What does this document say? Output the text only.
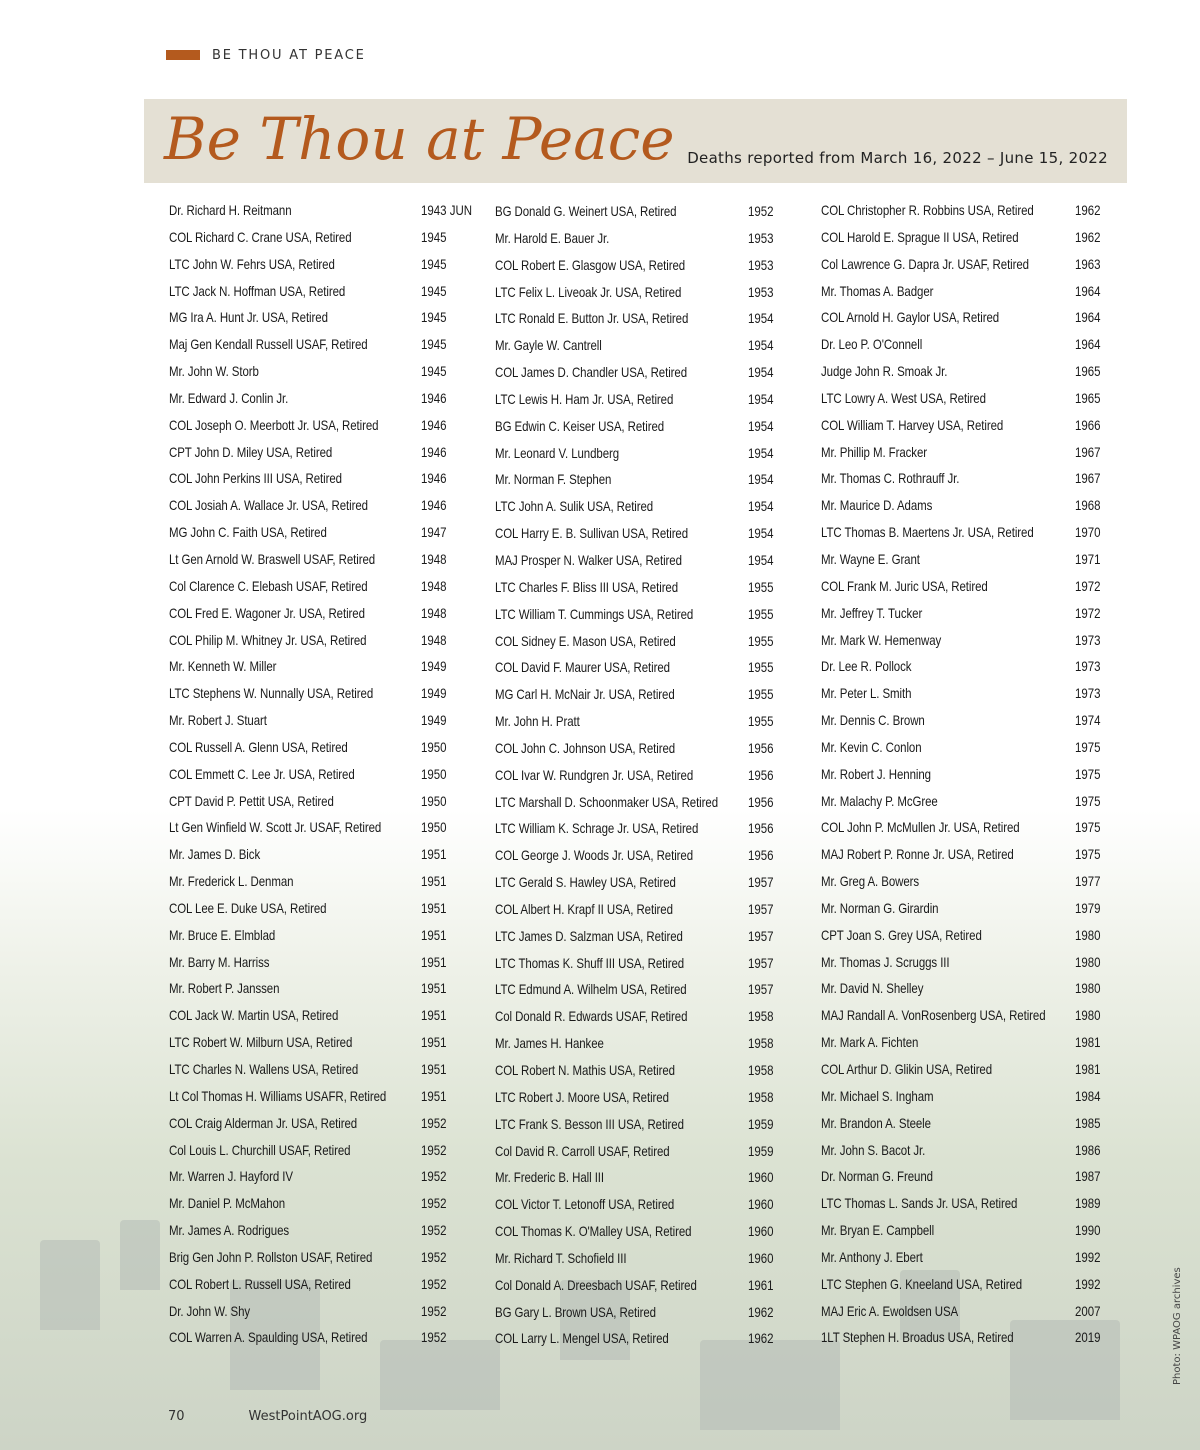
BE THOU AT PEACE
Be Thou at Peace Deaths reported from March 16, 2022 – June 15, 2022
Dr. Richard H. Reitmann	1943 JUN
COL Richard C. Crane USA, Retired	1945
LTC John W. Fehrs USA, Retired	1945
LTC Jack N. Hoffman USA, Retired	1945
MG Ira A. Hunt Jr. USA, Retired	1945
Maj Gen Kendall Russell USAF, Retired	1945
Mr. John W. Storb	1945
Mr. Edward J. Conlin Jr.	1946
COL Joseph O. Meerbott Jr. USA, Retired	1946
CPT John D. Miley USA, Retired	1946
COL John Perkins III USA, Retired	1946
COL Josiah A. Wallace Jr. USA, Retired	1946
MG John C. Faith USA, Retired	1947
Lt Gen Arnold W. Braswell USAF, Retired	1948
Col Clarence C. Elebash USAF, Retired	1948
COL Fred E. Wagoner Jr. USA, Retired	1948
COL Philip M. Whitney Jr. USA, Retired	1948
Mr. Kenneth W. Miller	1949
LTC Stephens W. Nunnally USA, Retired	1949
Mr. Robert J. Stuart	1949
COL Russell A. Glenn USA, Retired	1950
COL Emmett C. Lee Jr. USA, Retired	1950
CPT David P. Pettit USA, Retired	1950
Lt Gen Winfield W. Scott Jr. USAF, Retired	1950
Mr. James D. Bick	1951
Mr. Frederick L. Denman	1951
COL Lee E. Duke USA, Retired	1951
Mr. Bruce E. Elmblad	1951
Mr. Barry M. Harriss	1951
Mr. Robert P. Janssen	1951
COL Jack W. Martin USA, Retired	1951
LTC Robert W. Milburn USA, Retired	1951
LTC Charles N. Wallens USA, Retired	1951
Lt Col Thomas H. Williams USAFR, Retired 1951
COL Craig Alderman Jr. USA, Retired	1952
Col Louis L. Churchill USAF, Retired	1952
Mr. Warren J. Hayford IV	1952
Mr. Daniel P. McMahon	1952
Mr. James A. Rodrigues	1952
Brig Gen John P. Rollston USAF, Retired	1952
COL Robert L. Russell USA, Retired	1952
Dr. John W. Shy	1952
COL Warren A. Spaulding USA, Retired	1952
BG Donald G. Weinert USA, Retired	1952
Mr. Harold E. Bauer Jr.	1953
COL Robert E. Glasgow USA, Retired	1953
LTC Felix L. Liveoak Jr. USA, Retired	1953
LTC Ronald E. Button Jr. USA, Retired	1954
Mr. Gayle W. Cantrell	1954
COL James D. Chandler USA, Retired	1954
LTC Lewis H. Ham Jr. USA, Retired	1954
BG Edwin C. Keiser USA, Retired	1954
Mr. Leonard V. Lundberg	1954
Mr. Norman F. Stephen	1954
LTC John A. Sulik USA, Retired	1954
COL Harry E. B. Sullivan USA, Retired	1954
MAJ Prosper N. Walker USA, Retired	1954
LTC Charles F. Bliss III USA, Retired	1955
LTC William T. Cummings USA, Retired	1955
COL Sidney E. Mason USA, Retired	1955
COL David F. Maurer USA, Retired	1955
MG Carl H. McNair Jr. USA, Retired	1955
Mr. John H. Pratt	1955
COL John C. Johnson USA, Retired	1956
COL Ivar W. Rundgren Jr. USA, Retired	1956
LTC Marshall D. Schoonmaker USA, Retired 1956
LTC William K. Schrage Jr. USA, Retired	1956
COL George J. Woods Jr. USA, Retired	1956
LTC Gerald S. Hawley USA, Retired	1957
COL Albert H. Krapf II USA, Retired	1957
LTC James D. Salzman USA, Retired	1957
LTC Thomas K. Shuff III USA, Retired	1957
LTC Edmund A. Wilhelm USA, Retired	1957
Col Donald R. Edwards USAF, Retired	1958
Mr. James H. Hankee	1958
COL Robert N. Mathis USA, Retired	1958
LTC Robert J. Moore USA, Retired	1958
LTC Frank S. Besson III USA, Retired	1959
Col David R. Carroll USAF, Retired	1959
Mr. Frederic B. Hall III	1960
COL Victor T. Letonoff USA, Retired	1960
COL Thomas K. O'Malley USA, Retired	1960
Mr. Richard T. Schofield III	1960
Col Donald A. Dreesbach USAF, Retired	1961
BG Gary L. Brown USA, Retired	1962
COL Larry L. Mengel USA, Retired	1962
COL Christopher R. Robbins USA, Retired	1962
COL Harold E. Sprague II USA, Retired	1962
Col Lawrence G. Dapra Jr. USAF, Retired	1963
Mr. Thomas A. Badger	1964
COL Arnold H. Gaylor USA, Retired	1964
Dr. Leo P. O'Connell	1964
Judge John R. Smoak Jr.	1965
LTC Lowry A. West USA, Retired	1965
COL William T. Harvey USA, Retired	1966
Mr. Phillip M. Fracker	1967
Mr. Thomas C. Rothrauff Jr.	1967
Mr. Maurice D. Adams	1968
LTC Thomas B. Maertens Jr. USA, Retired	1970
Mr. Wayne E. Grant	1971
COL Frank M. Juric USA, Retired	1972
Mr. Jeffrey T. Tucker	1972
Mr. Mark W. Hemenway	1973
Dr. Lee R. Pollock	1973
Mr. Peter L. Smith	1973
Mr. Dennis C. Brown	1974
Mr. Kevin C. Conlon	1975
Mr. Robert J. Henning	1975
Mr. Malachy P. McGree	1975
COL John P. McMullen Jr. USA, Retired	1975
MAJ Robert P. Ronne Jr. USA, Retired	1975
Mr. Greg A. Bowers	1977
Mr. Norman G. Girardin	1979
CPT Joan S. Grey USA, Retired	1980
Mr. Thomas J. Scruggs III	1980
Mr. David N. Shelley	1980
MAJ Randall A. VonRosenberg USA, Retired 1980
Mr. Mark A. Fichten	1981
COL Arthur D. Glikin USA, Retired	1981
Mr. Michael S. Ingham	1984
Mr. Brandon A. Steele	1985
Mr. John S. Bacot Jr.	1986
Dr. Norman G. Freund	1987
LTC Thomas L. Sands Jr. USA, Retired	1989
Mr. Bryan E. Campbell	1990
Mr. Anthony J. Ebert	1992
LTC Stephen G. Kneeland USA, Retired	1992
MAJ Eric A. Ewoldsen USA	2007
1LT Stephen H. Broadus USA, Retired	2019
70	WestPointAOG.org
Photo: WPAOG archives
